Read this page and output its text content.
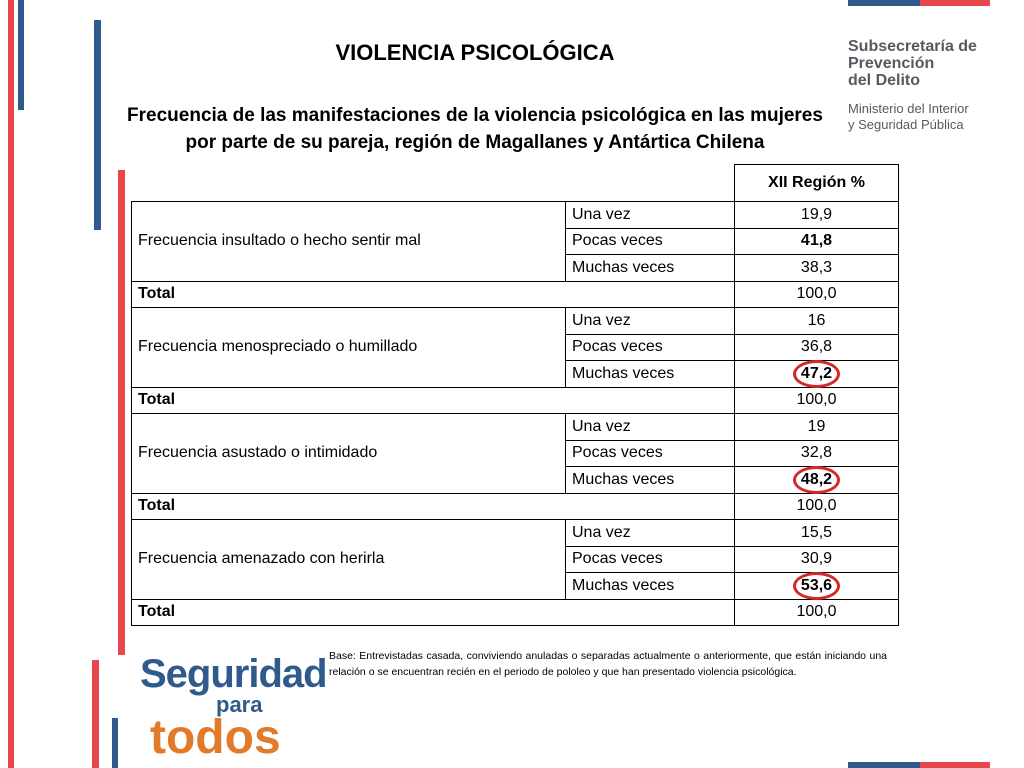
VIOLENCIA PSICOLÓGICA
Frecuencia de las manifestaciones de la violencia psicológica en las mujeres
por parte de su pareja, región de Magallanes y Antártica Chilena
Subsecretaría de
Prevención
del Delito
Ministerio del Interior
y Seguridad Pública
		XII Región %
Frecuencia insultado o hecho sentir mal	Una vez	19,9
	Pocas veces	41,8
	Muchas veces	38,3
Total		100,0
Frecuencia menospreciado o humillado	Una vez	16
	Pocas veces	36,8
	Muchas veces	47,2
Total		100,0
Frecuencia asustado o intimidado	Una vez	19
	Pocas veces	32,8
	Muchas veces	48,2
Total		100,0
Frecuencia amenazado con herirla	Una vez	15,5
	Pocas veces	30,9
	Muchas veces	53,6
Total		100,0
Base: Entrevistadas casada, conviviendo anuladas o separadas actualmente o anteriormente, que están iniciando una relación o se encuentran recién en el periodo de pololeo y que han presentado violencia psicológica.
Seguridad
para
todos
